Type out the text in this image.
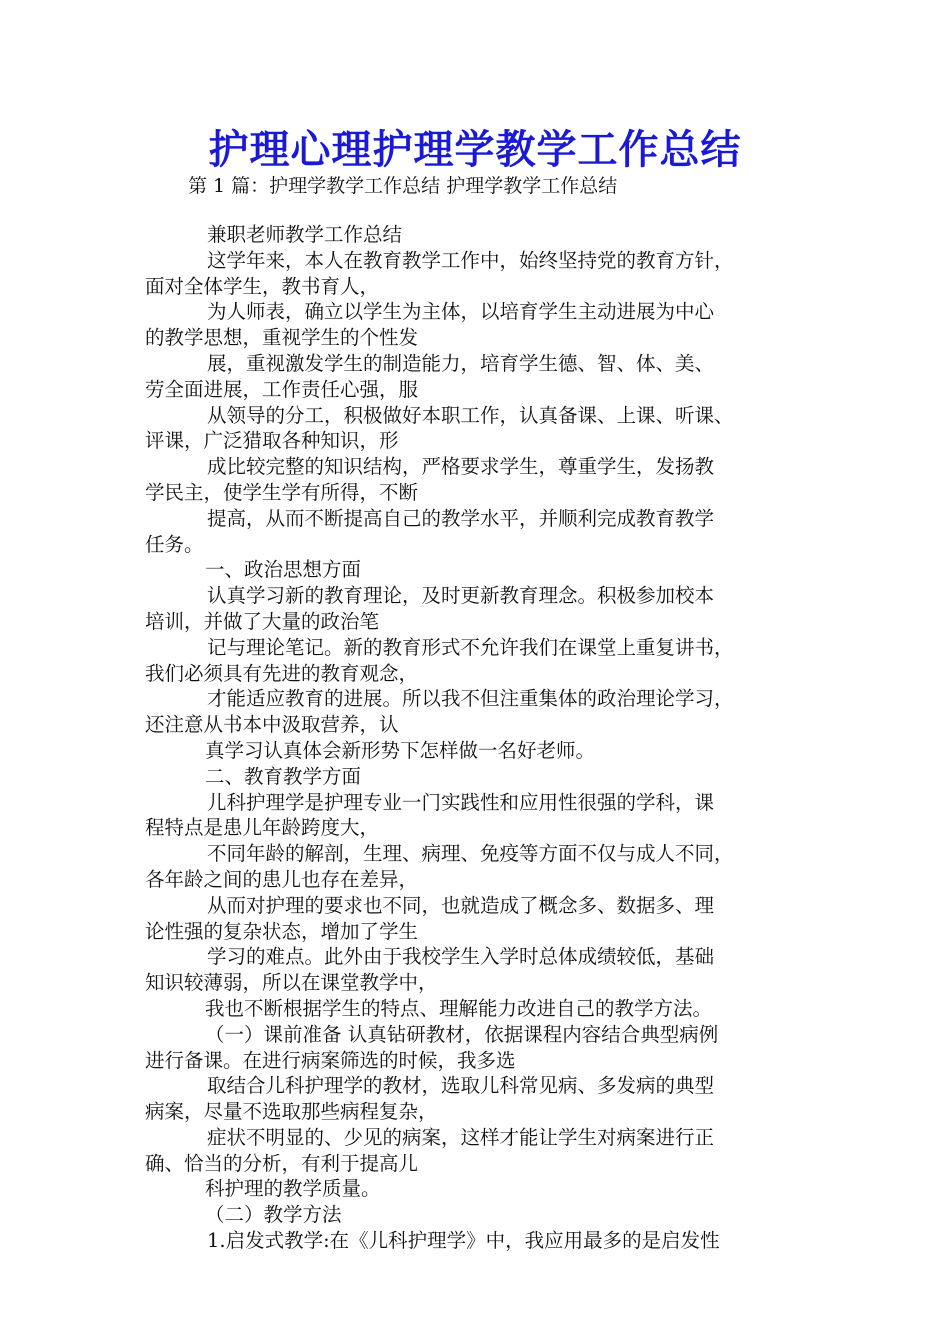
护理心理护理学教学工作总结
第 1 篇：护理学教学工作总结 护理学教学工作总结

兼职老师教学工作总结

这学年来，本人在教育教学工作中，始终坚持党的教育方针，

面对全体学生，教书育人，

为人师表，确立以学生为主体，以培育学生主动进展为中心

的教学思想，重视学生的个性发

展，重视激发学生的制造能力，培育学生德、智、体、美、

劳全面进展，工作责任心强，服

从领导的分工，积极做好本职工作，认真备课、上课、听课、

评课，广泛猎取各种知识，形

成比较完整的知识结构，严格要求学生，尊重学生，发扬教

学民主，使学生学有所得，不断

提高，从而不断提高自己的教学水平，并顺利完成教育教学

任务。

一、政治思想方面

认真学习新的教育理论，及时更新教育理念。积极参加校本

培训，并做了大量的政治笔

记与理论笔记。新的教育形式不允许我们在课堂上重复讲书，

我们必须具有先进的教育观念，

才能适应教育的进展。所以我不但注重集体的政治理论学习，

还注意从书本中汲取营养，认

真学习认真体会新形势下怎样做一名好老师。

二、教育教学方面

儿科护理学是护理专业一门实践性和应用性很强的学科，课

程特点是患儿年龄跨度大，

不同年龄的解剖，生理、病理、免疫等方面不仅与成人不同，

各年龄之间的患儿也存在差异，

从而对护理的要求也不同，也就造成了概念多、数据多、理

论性强的复杂状态，增加了学生

学习的难点。此外由于我校学生入学时总体成绩较低，基础

知识较薄弱，所以在课堂教学中，

我也不断根据学生的特点、理解能力改进自己的教学方法。

（一）课前准备 认真钻研教材，依据课程内容结合典型病例

进行备课。在进行病案筛选的时候，我多选

取结合儿科护理学的教材，选取儿科常见病、多发病的典型

病案，尽量不选取那些病程复杂，

症状不明显的、少见的病案，这样才能让学生对病案进行正

确、恰当的分析，有利于提高儿

科护理的教学质量。

（二）教学方法

1.启发式教学:在《儿科护理学》中，我应用最多的是启发性
